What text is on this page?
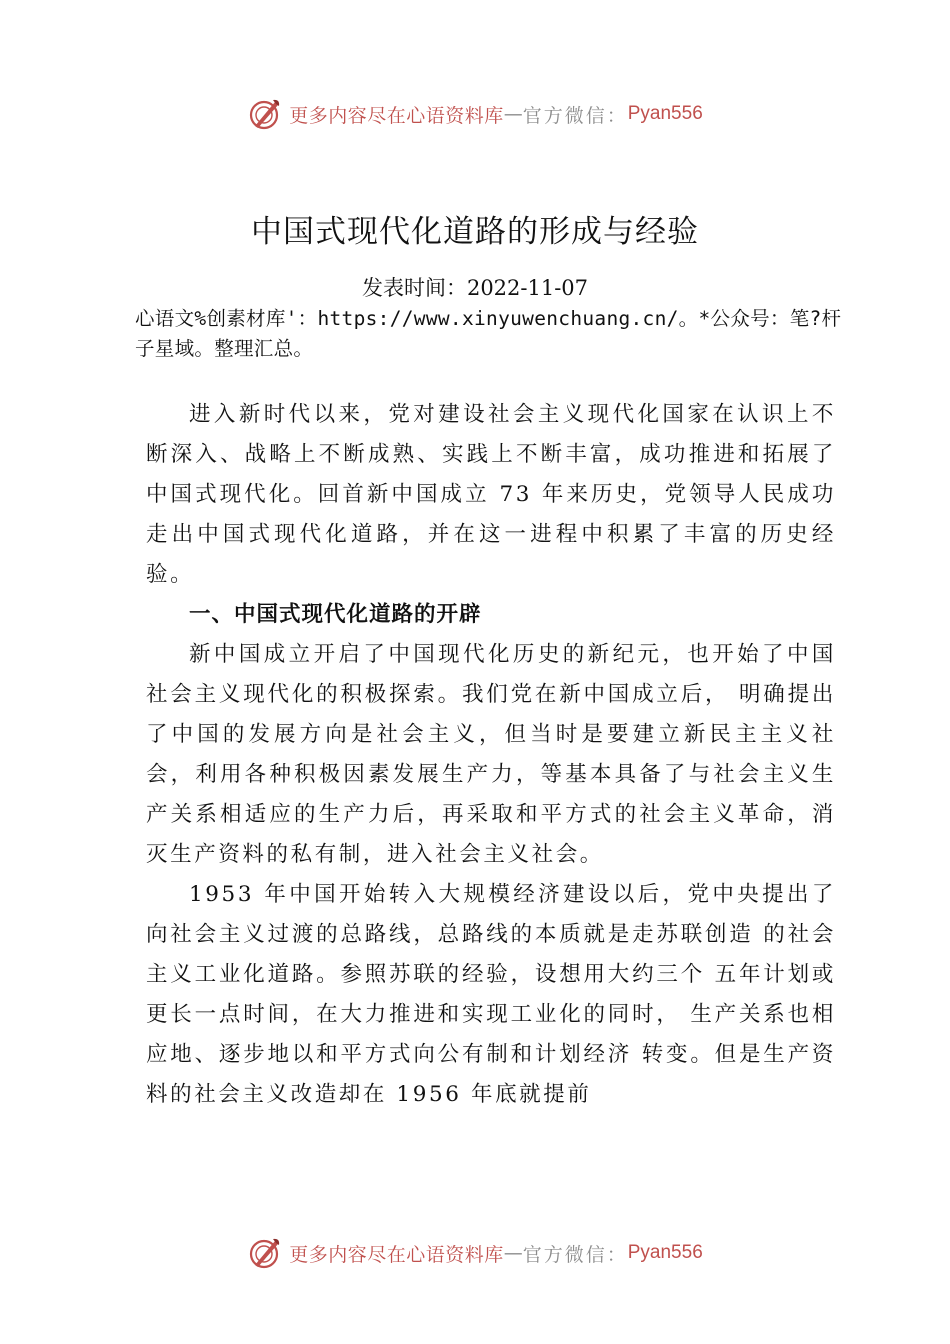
更多内容尽在心语资料库 — 官方微信： Pyan556
中国式现代化道路的形成与经验
发表时间：2022-11-07
心语文%创素材库'：https://www.xinyuwenchuang.cn/。*公众号：笔?杆子星域。整理汇总。

进入新时代以来，党对建设社会主义现代化国家在认识上不断深入、战略上不断成熟、实践上不断丰富，成功推进和拓展了中国式现代化。回首新中国成立 73 年来历史，党领导人民成功走出中国式现代化道路，并在这一进程中积累了丰富的历史经验。

一、中国式现代化道路的开辟

新中国成立开启了中国现代化历史的新纪元，也开始了中国社会主义现代化的积极探索。我们党在新中国成立后， 明确提出了中国的发展方向是社会主义，但当时是要建立新民主主义社会，利用各种积极因素发展生产力，等基本具备了与社会主义生产关系相适应的生产力后，再采取和平方式的社会主义革命，消灭生产资料的私有制，进入社会主义社会。

1953 年中国开始转入大规模经济建设以后，党中央提出了向社会主义过渡的总路线，总路线的本质就是走苏联创造 的社会主义工业化道路。参照苏联的经验，设想用大约三个 五年计划或更长一点时间，在大力推进和实现工业化的同时， 生产关系也相应地、逐步地以和平方式向公有制和计划经济 转变。但是生产资料的社会主义改造却在 1956 年底就提前

更多内容尽在心语资料库 — 官方微信： Pyan556
